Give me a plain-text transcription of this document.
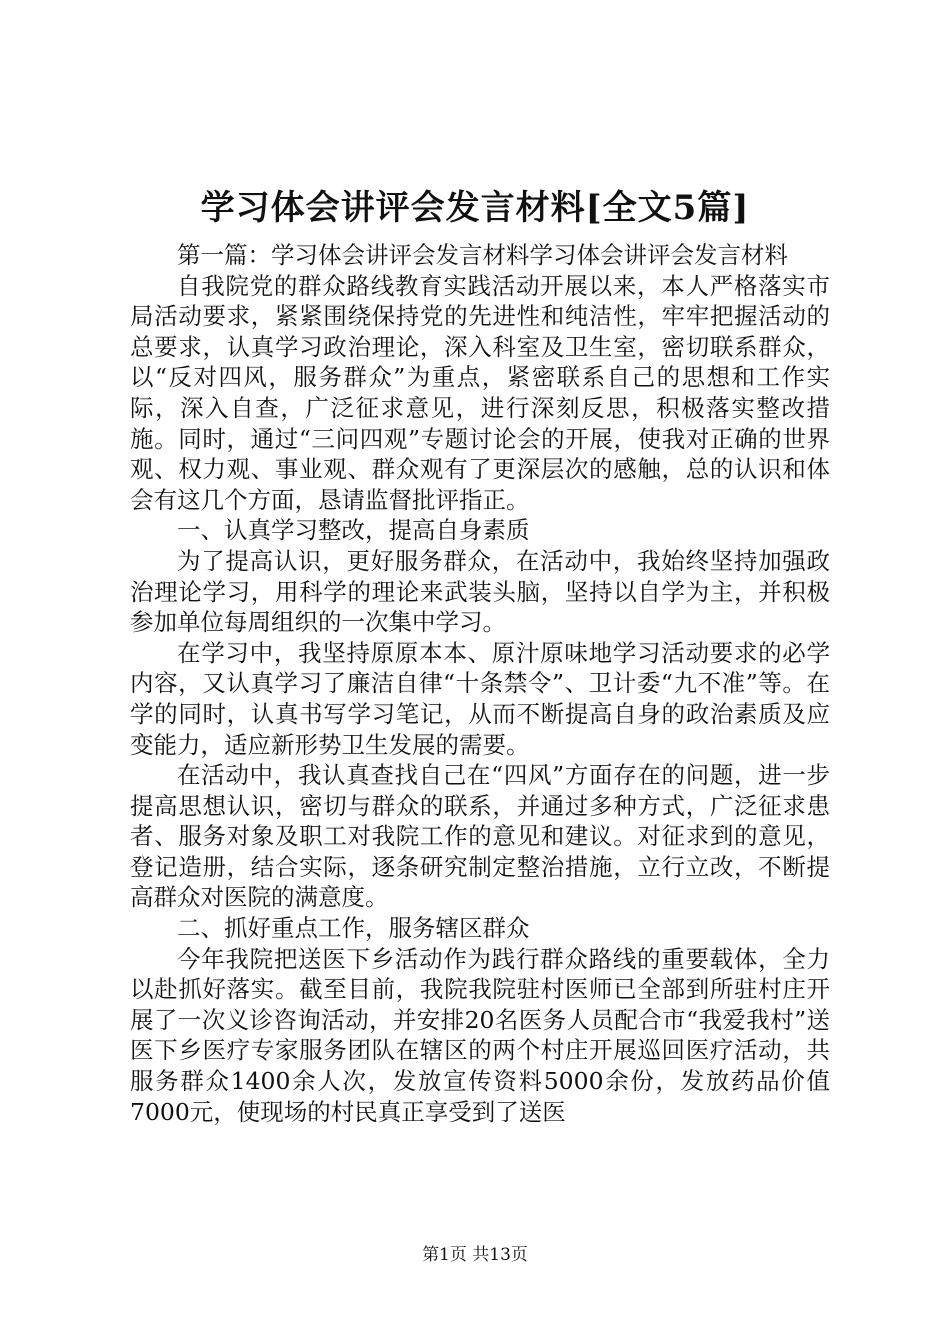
学习体会讲评会发言材料[全文5篇]

第一篇：学习体会讲评会发言材料学习体会讲评会发言材料

自我院党的群众路线教育实践活动开展以来，本人严格落实市局活动要求，紧紧围绕保持党的先进性和纯洁性，牢牢把握活动的总要求，认真学习政治理论，深入科室及卫生室，密切联系群众，以“反对四风，服务群众”为重点，紧密联系自己的思想和工作实际，深入自查，广泛征求意见，进行深刻反思，积极落实整改措施。同时，通过“三问四观”专题讨论会的开展，使我对正确的世界观、权力观、事业观、群众观有了更深层次的感触，总的认识和体会有这几个方面，恳请监督批评指正。

一、认真学习整改，提高自身素质

为了提高认识，更好服务群众，在活动中，我始终坚持加强政治理论学习，用科学的理论来武装头脑，坚持以自学为主，并积极参加单位每周组织的一次集中学习。

在学习中，我坚持原原本本、原汁原味地学习活动要求的必学内容，又认真学习了廉洁自律“十条禁令”、卫计委“九不准”等。在学的同时，认真书写学习笔记，从而不断提高自身的政治素质及应变能力，适应新形势卫生发展的需要。

在活动中，我认真查找自己在“四风”方面存在的问题，进一步提高思想认识，密切与群众的联系，并通过多种方式，广泛征求患者、服务对象及职工对我院工作的意见和建议。对征求到的意见，登记造册，结合实际，逐条研究制定整治措施，立行立改，不断提高群众对医院的满意度。

二、抓好重点工作，服务辖区群众

今年我院把送医下乡活动作为践行群众路线的重要载体，全力以赴抓好落实。截至目前，我院我院驻村医师已全部到所驻村庄开展了一次义诊咨询活动，并安排20名医务人员配合市“我爱我村”送医下乡医疗专家服务团队在辖区的两个村庄开展巡回医疗活动，共服务群众1400余人次，发放宣传资料5000余份，发放药品价值7000元，使现场的村民真正享受到了送医

第1页 共13页
